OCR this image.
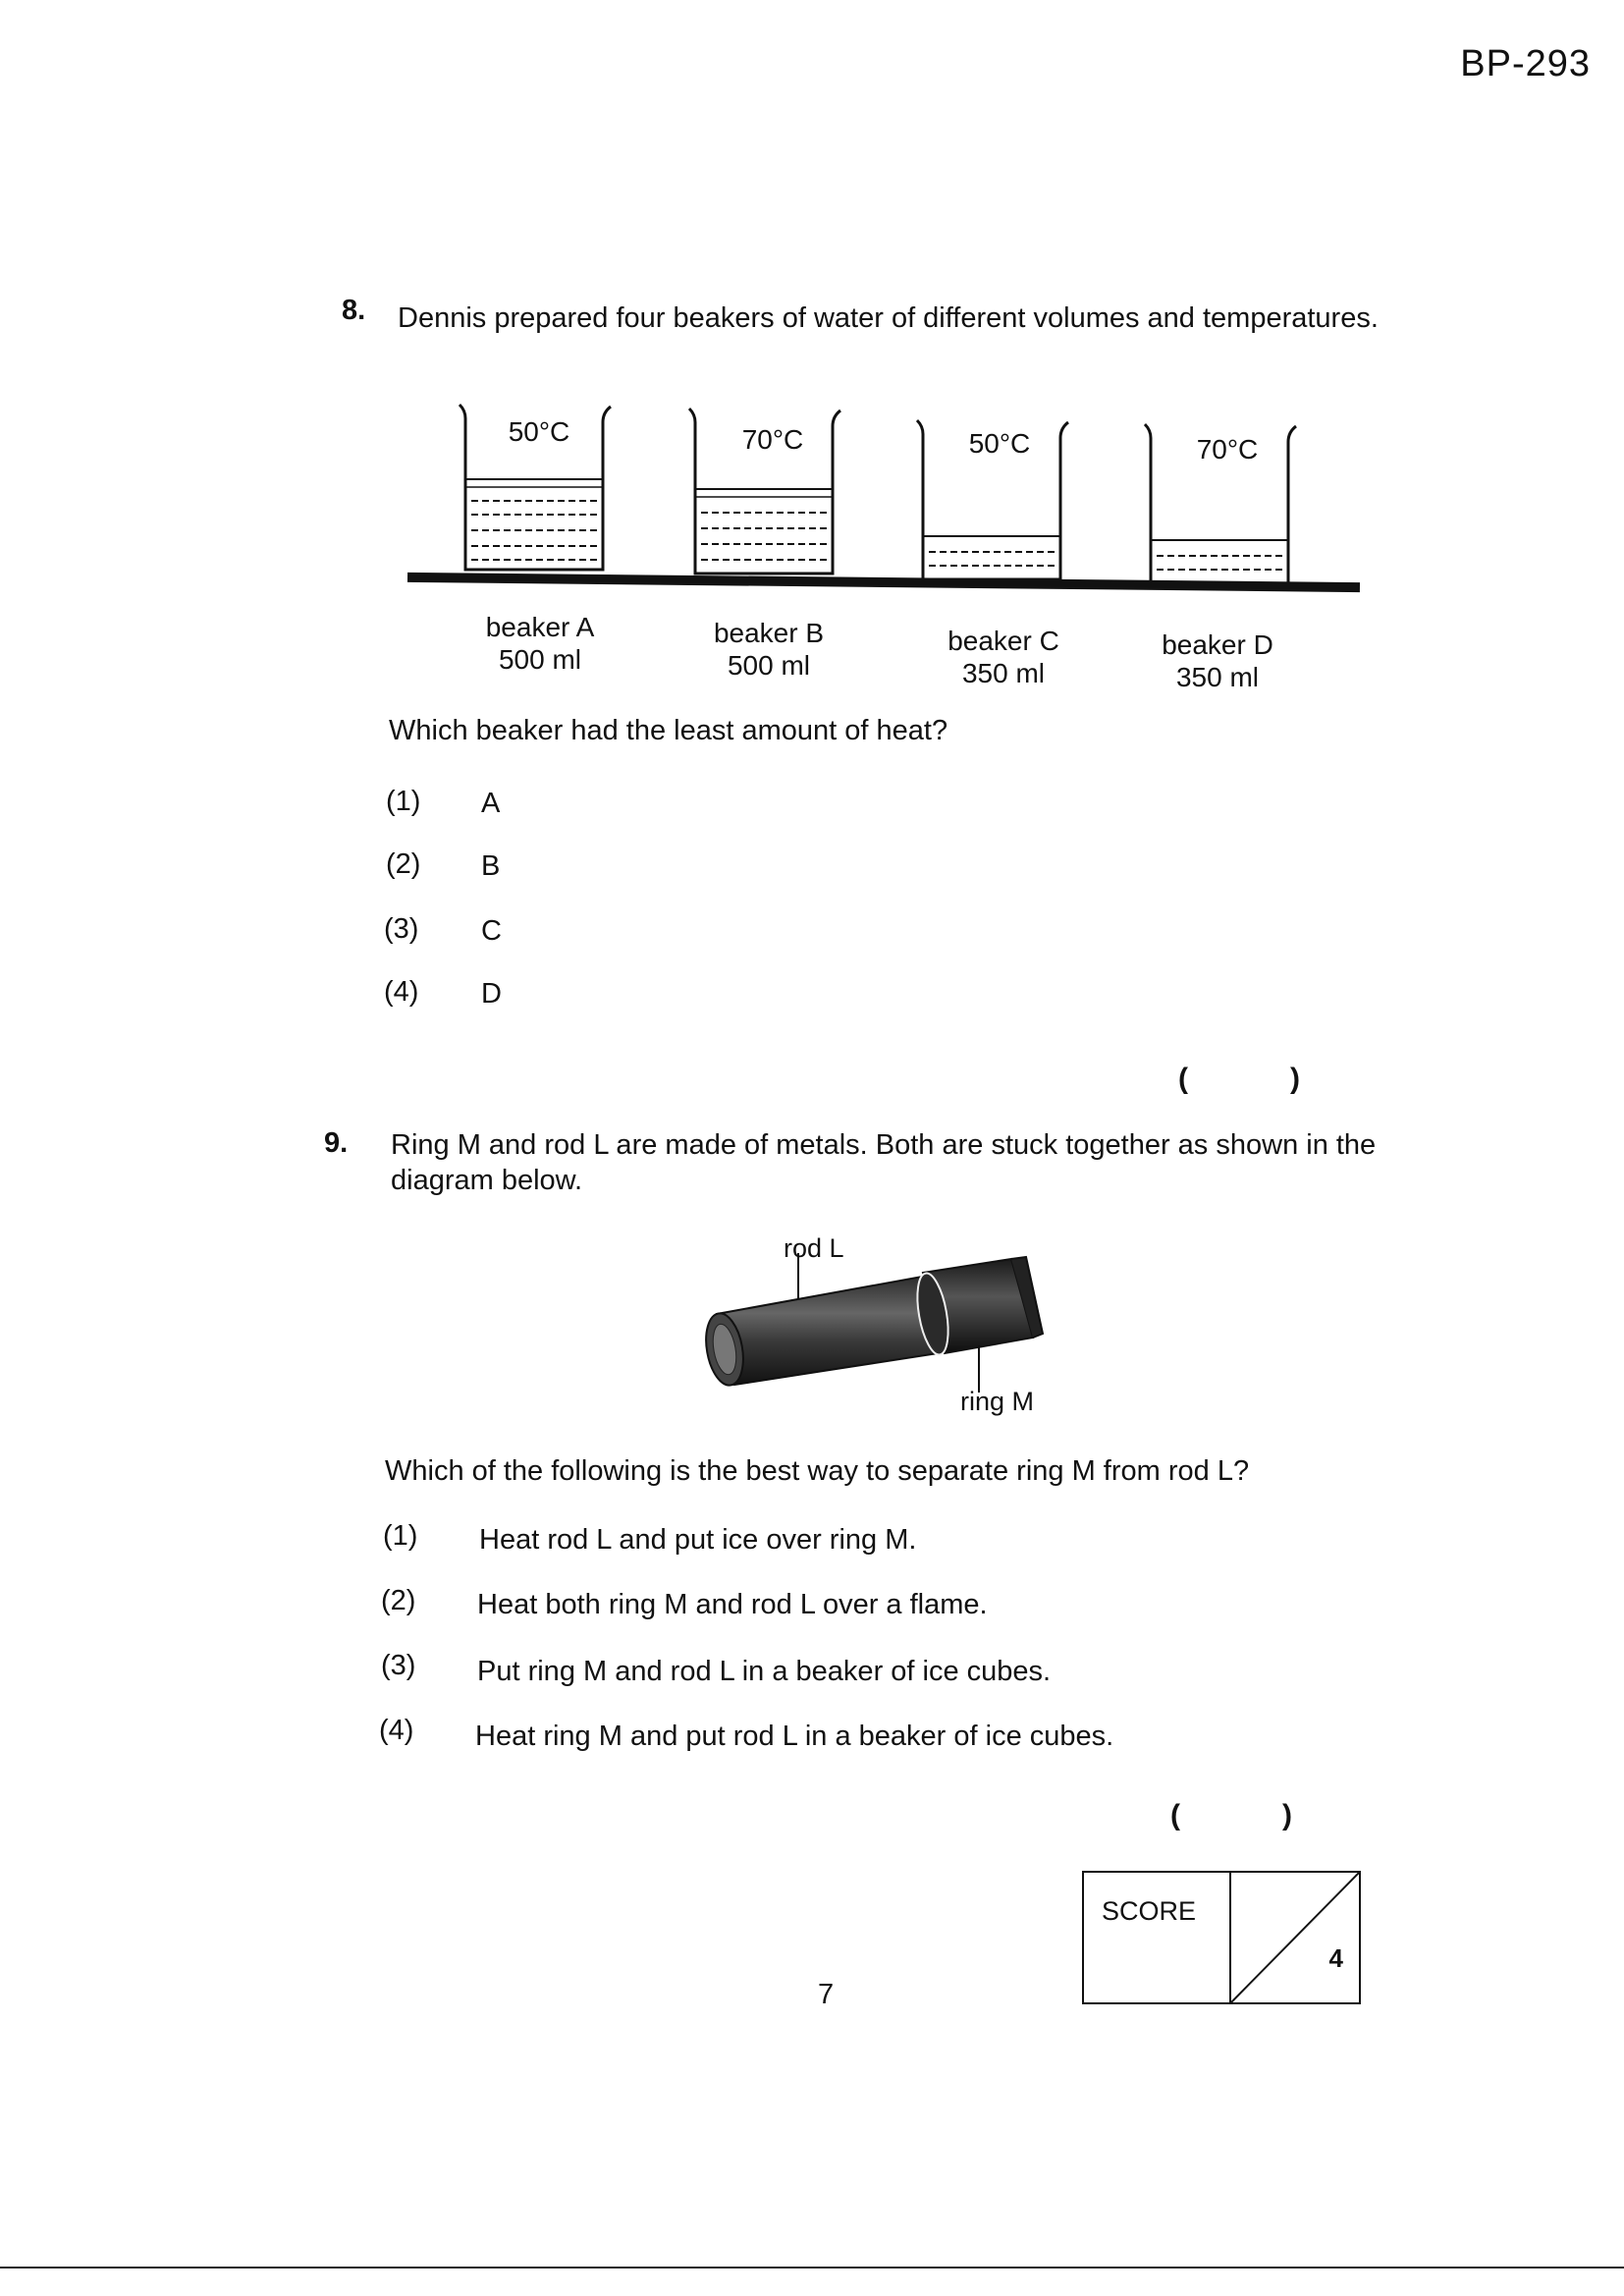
BP-293
8. Dennis prepared four beakers of water of different volumes and temperatures.
50°C	70°C	50°C	70°C
beaker A
500 ml
beaker B
500 ml
beaker C
350 ml
beaker D
350 ml
Which beaker had the least amount of heat?
(1) A
(2) B
(3) C
(4) D
(	)
9. Ring M and rod L are made of metals. Both are stuck together as shown in the
diagram below.
rod L
ring M
Which of the following is the best way to separate ring M from rod L?
(1) Heat rod L and put ice over ring M.
(2) Heat both ring M and rod L over a flame.
(3) Put ring M and rod L in a beaker of ice cubes.
(4) Heat ring M and put rod L in a beaker of ice cubes.
(	)
SCORE
4
7
